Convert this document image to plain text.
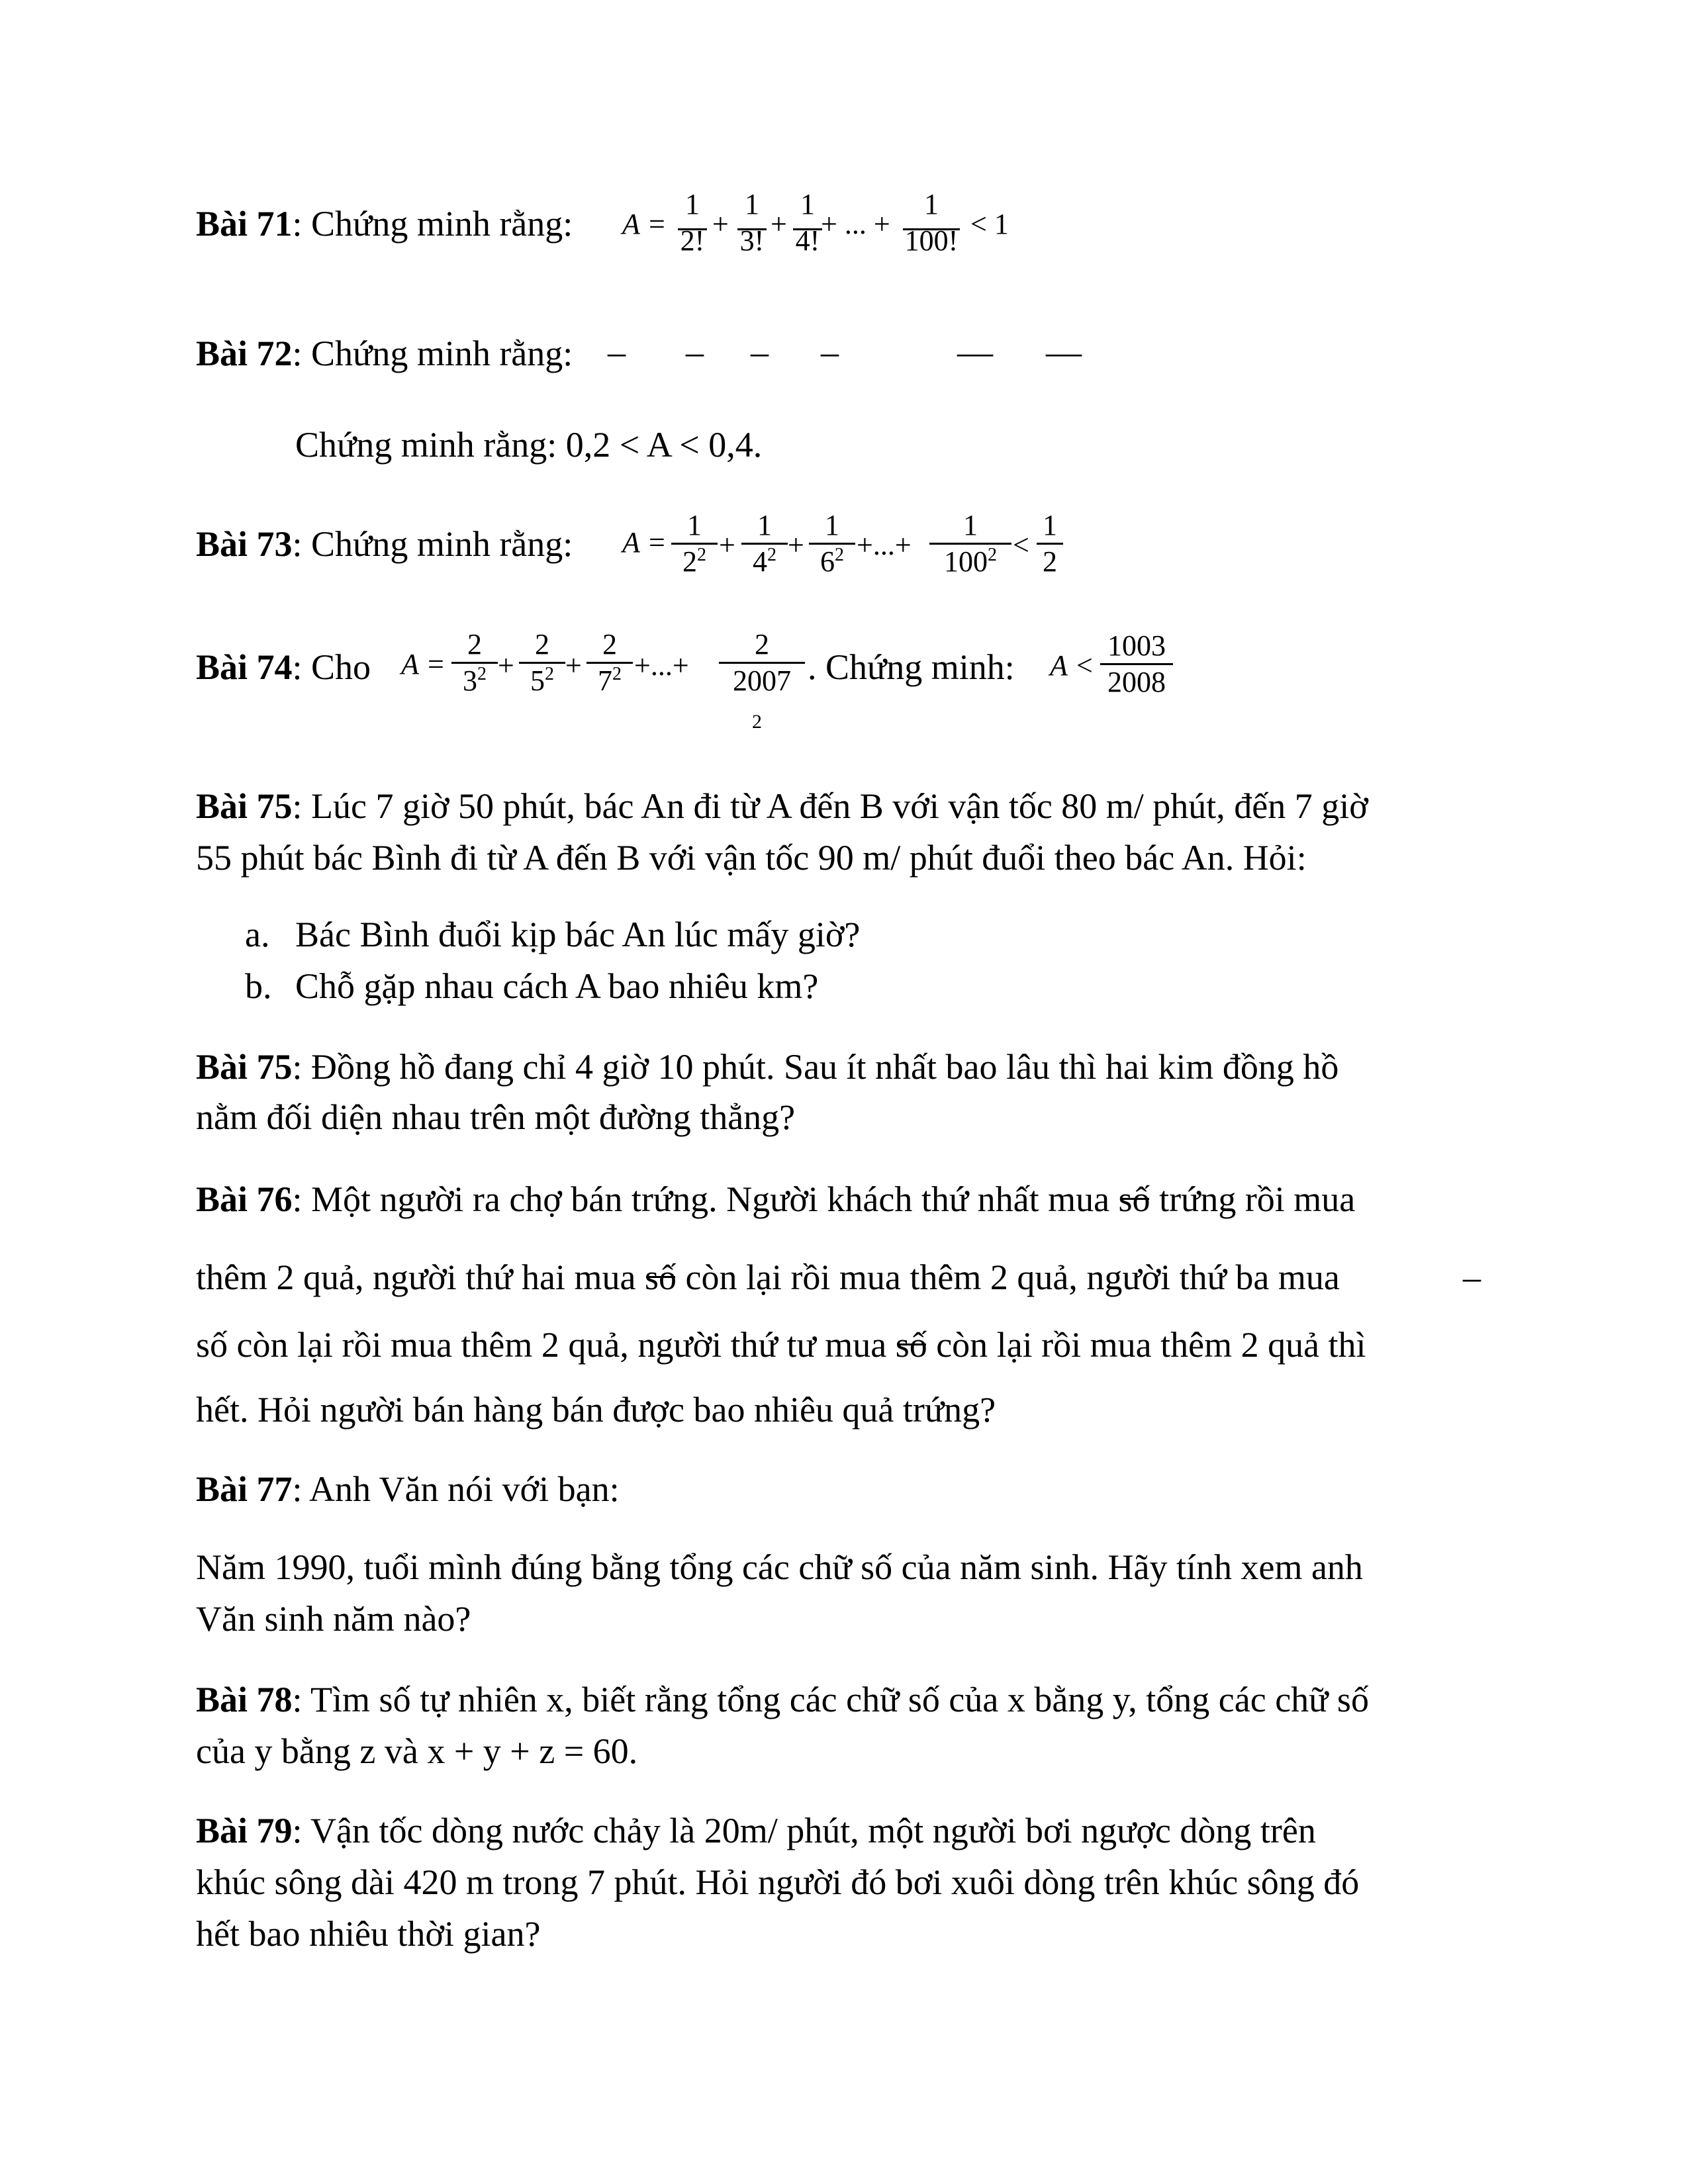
Bài 71: Chứng minh rằng: A =
1
2!
+
1
3!
+
1
4!
+ ... +
1
100!
< 1
Bài 72: Chứng minh rằng: – – – –	— —
Chứng minh rằng: 0,2 < A < 0,4.
Bài 73: Chứng minh rằng: A =
1
$2^2$ +
1
$4^2$ +
1
$6^2$ +...+
1
$100^2$ <
1
2
Bài 74: Cho A =
2
$3^2$ +
2
$5^2$ +
2
$7^2$ +...+
2
2007
2
. Chứng minh: A <
1003
2008
Bài 75: Lúc 7 giờ 50 phút, bác An đi từ A đến B với vận tốc 80 m/ phút, đến 7 giờ
55 phút bác Bình đi từ A đến B với vận tốc 90 m/ phút đuổi theo bác An. Hỏi:
a. Bác Bình đuổi kịp bác An lúc mấy giờ?
b. Chỗ gặp nhau cách A bao nhiêu km?
Bài 75: Đồng hồ đang chỉ 4 giờ 10 phút. Sau ít nhất bao lâu thì hai kim đồng hồ
nằm đối diện nhau trên một đường thẳng?
Bài 76: Một người ra chợ bán trứng. Người khách thứ nhất mua số trứng rồi mua
thêm 2 quả, người thứ hai mua số còn lại rồi mua thêm 2 quả, người thứ ba mua	–
số còn lại rồi mua thêm 2 quả, người thứ tư mua số còn lại rồi mua thêm 2 quả thì
hết. Hỏi người bán hàng bán được bao nhiêu quả trứng?
Bài 77: Anh Văn nói với bạn:
Năm 1990, tuổi mình đúng bằng tổng các chữ số của năm sinh. Hãy tính xem anh
Văn sinh năm nào?
Bài 78: Tìm số tự nhiên x, biết rằng tổng các chữ số của x bằng y, tổng các chữ số
của y bằng z và x + y + z = 60.
Bài 79: Vận tốc dòng nước chảy là 20m/ phút, một người bơi ngược dòng trên
khúc sông dài 420 m trong 7 phút. Hỏi người đó bơi xuôi dòng trên khúc sông đó
hết bao nhiêu thời gian?
